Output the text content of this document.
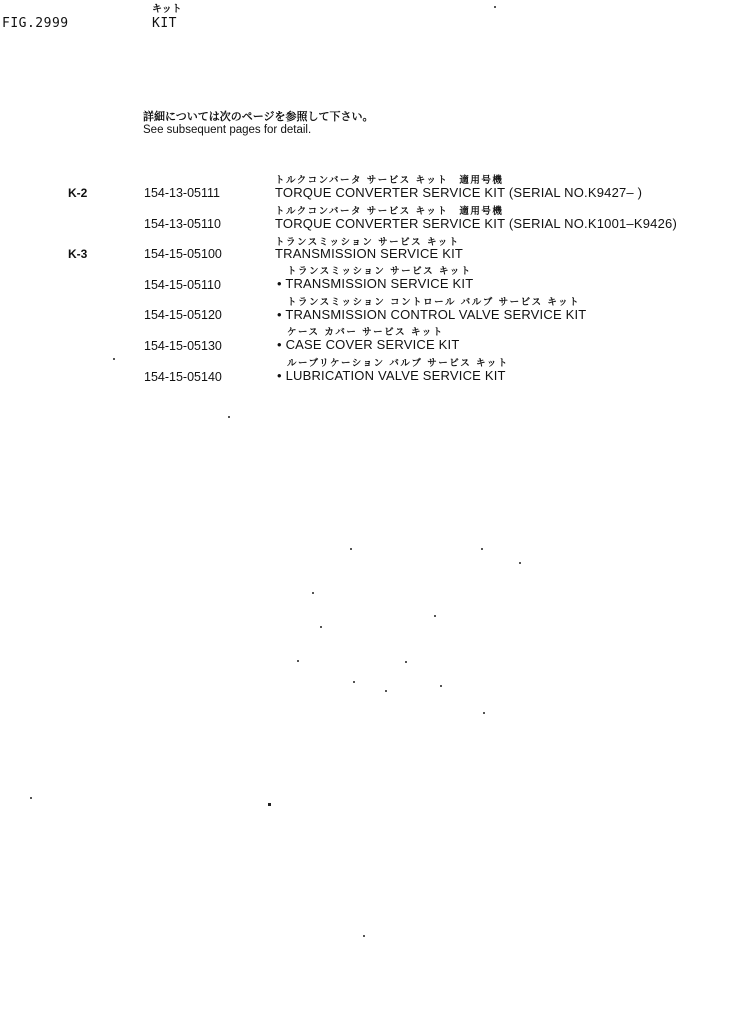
FIG.2999
キット
KIT
詳細については次のページを参照して下さい。
See subsequent pages for detail.
トルクコンバータ サービス キット　適用号機
K-2	154-13-05111	TORQUE CONVERTER SERVICE KIT (SERIAL NO.K9427– )
トルクコンバータ サービス キット　適用号機
154-13-05110	TORQUE CONVERTER SERVICE KIT (SERIAL NO.K1001–K9426)
トランスミッション サービス キット
K-3	154-15-05100	TRANSMISSION SERVICE KIT
トランスミッション サービス キット
154-15-05110	• TRANSMISSION SERVICE KIT
トランスミッション コントロール バルブ サービス キット
154-15-05120	• TRANSMISSION CONTROL VALVE SERVICE KIT
ケース カバー サービス キット
154-15-05130	• CASE COVER SERVICE KIT
ルーブリケーション バルブ サービス キット
154-15-05140	• LUBRICATION VALVE SERVICE KIT
